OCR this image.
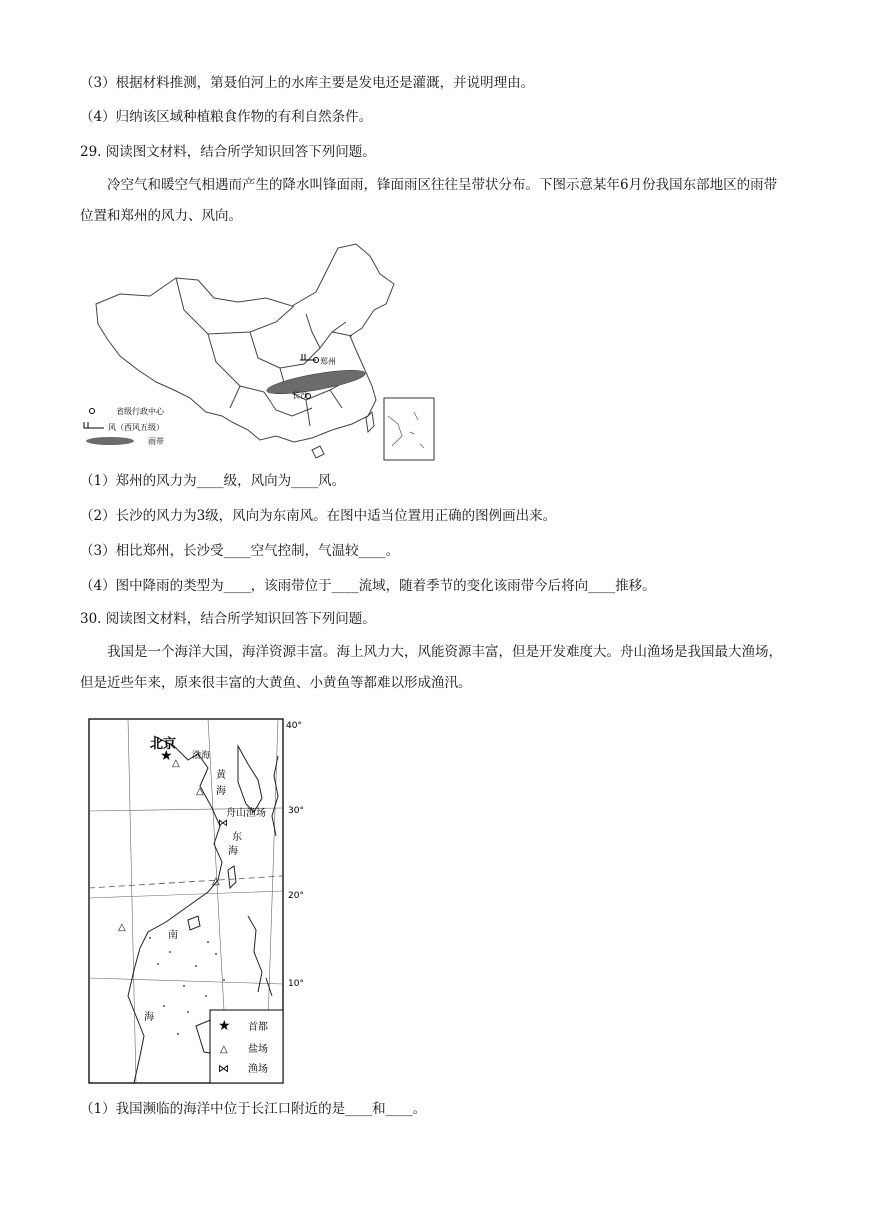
（3）根据材料推测，第聂伯河上的水库主要是发电还是灌溉，并说明理由。
（4）归纳该区域种植粮食作物的有利自然条件。
29. 阅读图文材料，结合所学知识回答下列问题。
冷空气和暖空气相遇而产生的降水叫锋面雨，锋面雨区往往呈带状分布。下图示意某年6月份我国东部地区的雨带位置和郑州的风力、风向。
郑州
长沙
省级行政中心
风（西风五级）
雨带
（1）郑州的风力为____级，风向为____风。
（2）长沙的风力为3级，风向为东南风。在图中适当位置用正确的图例画出来。
（3）相比郑州，长沙受____空气控制，气温较____。
（4）图中降雨的类型为____，该雨带位于____流域，随着季节的变化该雨带今后将向____推移。
30. 阅读图文材料，结合所学知识回答下列问题。
我国是一个海洋大国，海洋资源丰富。海上风力大，风能资源丰富，但是开发难度大。舟山渔场是我国最大渔场，但是近些年来，原来很丰富的大黄鱼、小黄鱼等都难以形成渔汛。
北京
★ 渤海
△
黄
海
△
舟山渔场
⋈
东
海
△
△
南
海
40°
30°
20°
10°
★ 首都
△ 盐场
⋈ 渔场
（1）我国濒临的海洋中位于长江口附近的是____和____。
